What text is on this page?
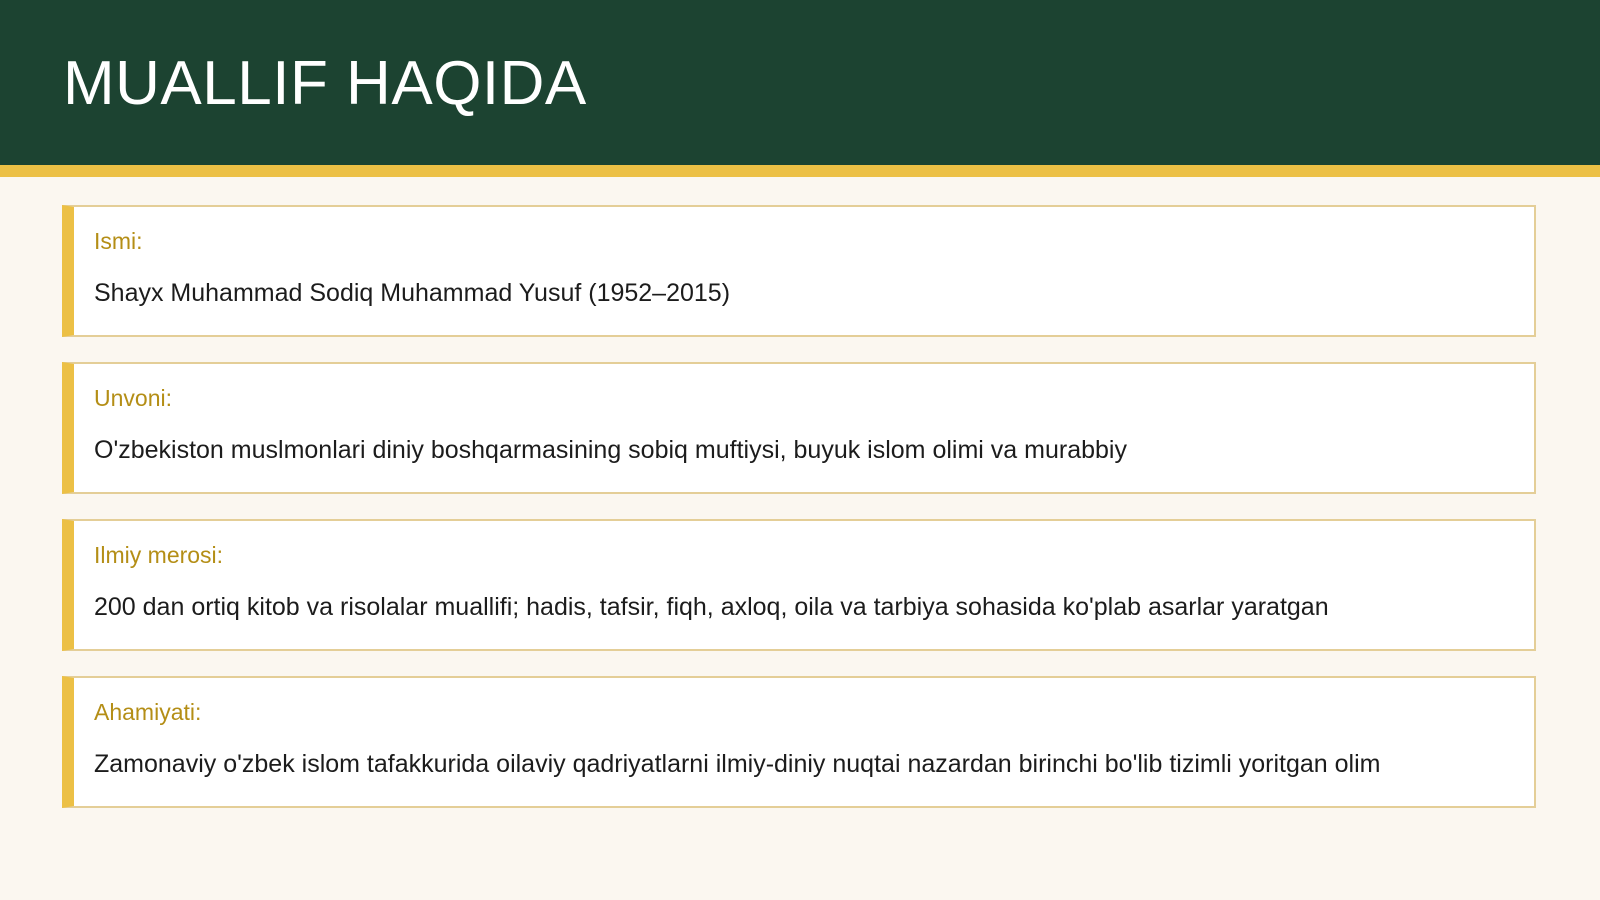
MUALLIF HAQIDA
Ismi:
Shayx Muhammad Sodiq Muhammad Yusuf (1952–2015)
Unvoni:
O'zbekiston muslmonlari diniy boshqarmasining sobiq muftiysi, buyuk islom olimi va murabbiy
Ilmiy merosi:
200 dan ortiq kitob va risolalar muallifi; hadis, tafsir, fiqh, axloq, oila va tarbiya sohasida ko'plab asarlar yaratgan
Ahamiyati:
Zamonaviy o'zbek islom tafakkurida oilaviy qadriyatlarni ilmiy-diniy nuqtai nazardan birinchi bo'lib tizimli yoritgan olim
